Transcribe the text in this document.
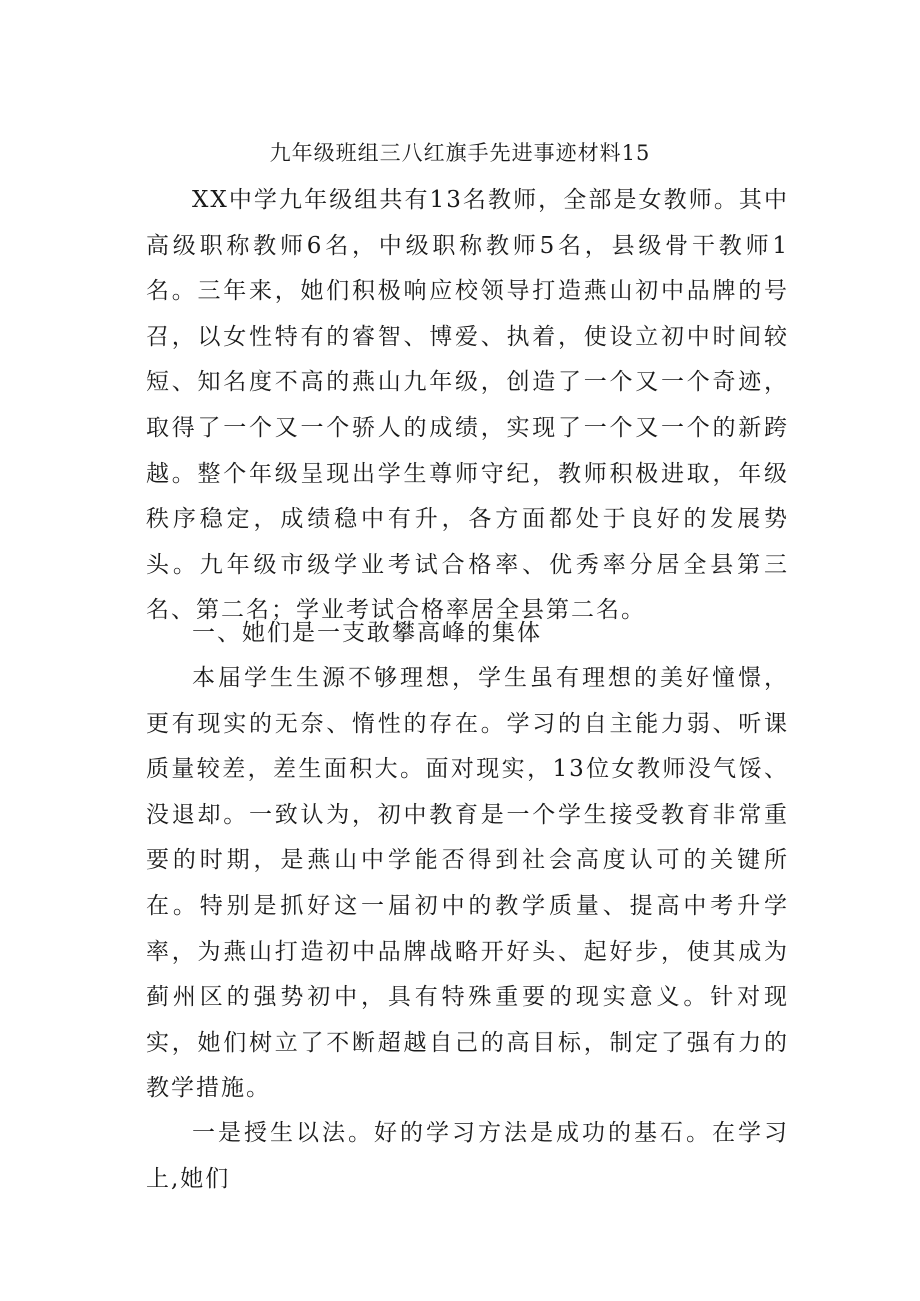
九年级班组三八红旗手先进事迹材料15

XX中学九年级组共有13名教师，全部是女教师。其中高级职称教师6名，中级职称教师5名，县级骨干教师1名。三年来，她们积极响应校领导打造燕山初中品牌的号召，以女性特有的睿智、博爱、执着，使设立初中时间较短、知名度不高的燕山九年级，创造了一个又一个奇迹，取得了一个又一个骄人的成绩，实现了一个又一个的新跨越。整个年级呈现出学生尊师守纪，教师积极进取，年级秩序稳定，成绩稳中有升，各方面都处于良好的发展势头。九年级市级学业考试合格率、优秀率分居全县第三名、第二名；学业考试合格率居全县第二名。

一、她们是一支敢攀高峰的集体

本届学生生源不够理想，学生虽有理想的美好憧憬，更有现实的无奈、惰性的存在。学习的自主能力弱、听课质量较差，差生面积大。面对现实，13位女教师没气馁、没退却。一致认为，初中教育是一个学生接受教育非常重要的时期，是燕山中学能否得到社会高度认可的关键所在。特别是抓好这一届初中的教学质量、提高中考升学率，为燕山打造初中品牌战略开好头、起好步，使其成为蓟州区的强势初中，具有特殊重要的现实意义。针对现实，她们树立了不断超越自己的高目标，制定了强有力的教学措施。

一是授生以法。好的学习方法是成功的基石。在学习上,她们
